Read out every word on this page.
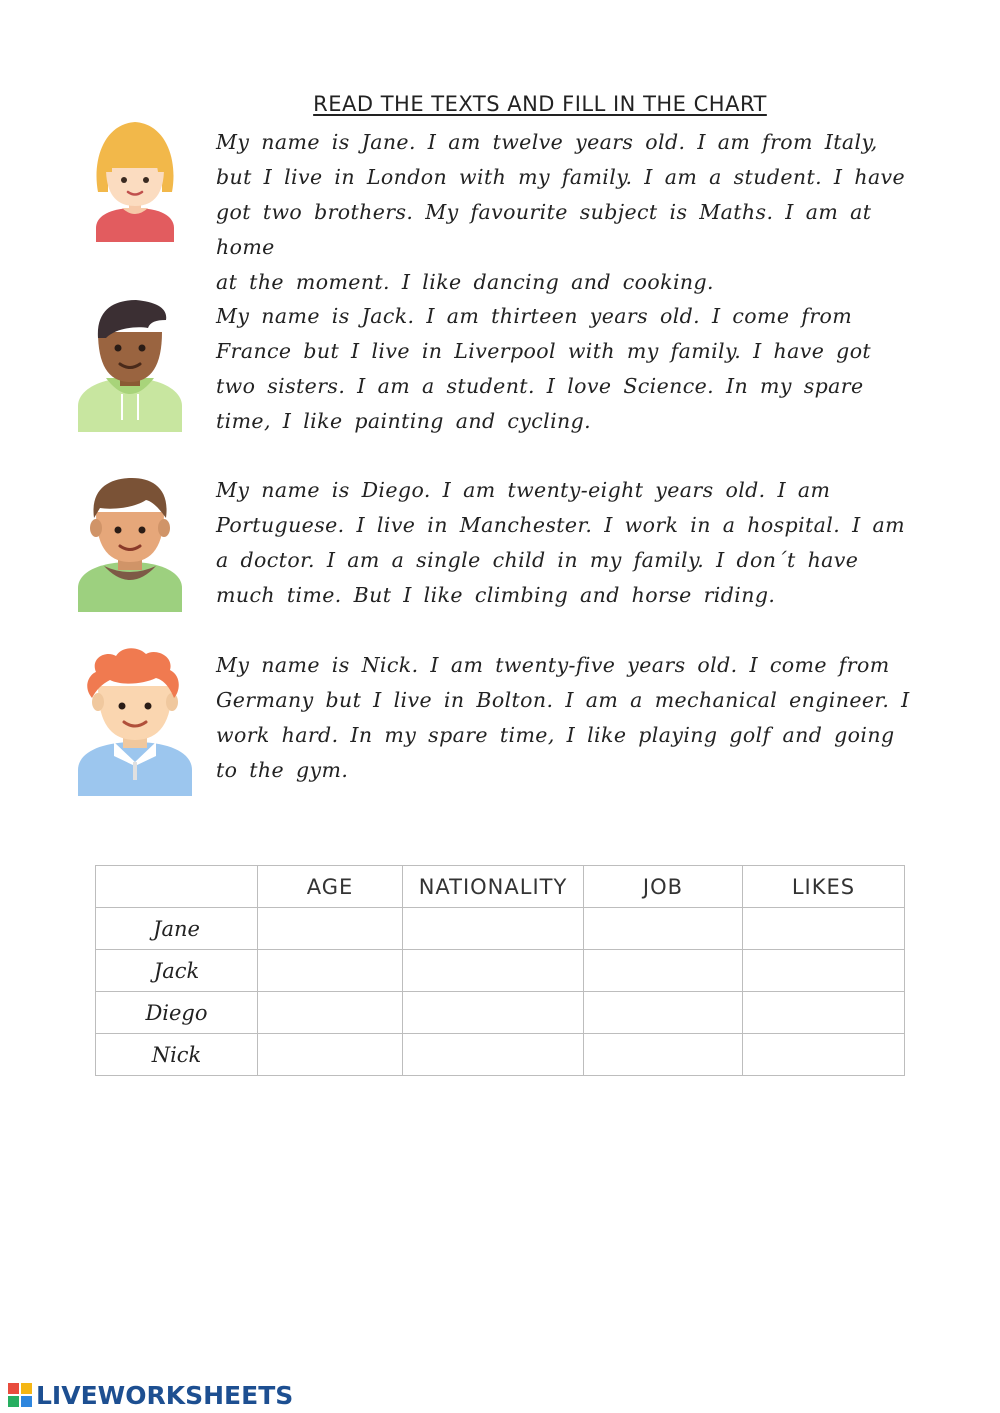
READ THE TEXTS AND FILL IN THE CHART
My name is Jane. I am twelve years old. I am from Italy,
but I live in London with my family. I am a student. I have
got two brothers. My favourite subject is Maths. I am at home
at the moment. I like dancing and cooking.
My name is Jack. I am thirteen years old. I come from
France but I live in Liverpool with my family. I have got
two sisters. I am a student. I love Science. In my spare
time, I like painting and cycling.
My name is Diego. I am twenty-eight years old. I am
Portuguese. I live in Manchester. I work in a hospital. I am
a doctor. I am a single child in my family. I don´t have
much time. But I like climbing and horse riding.
My name is Nick. I am twenty-five years old. I come from
Germany but I live in Bolton. I am a mechanical engineer. I
work hard. In my spare time, I like playing golf and going
to the gym.
	AGE	NATIONALITY	JOB	LIKES
Jane				
Jack				
Diego				
Nick				
LIVEWORKSHEETS
